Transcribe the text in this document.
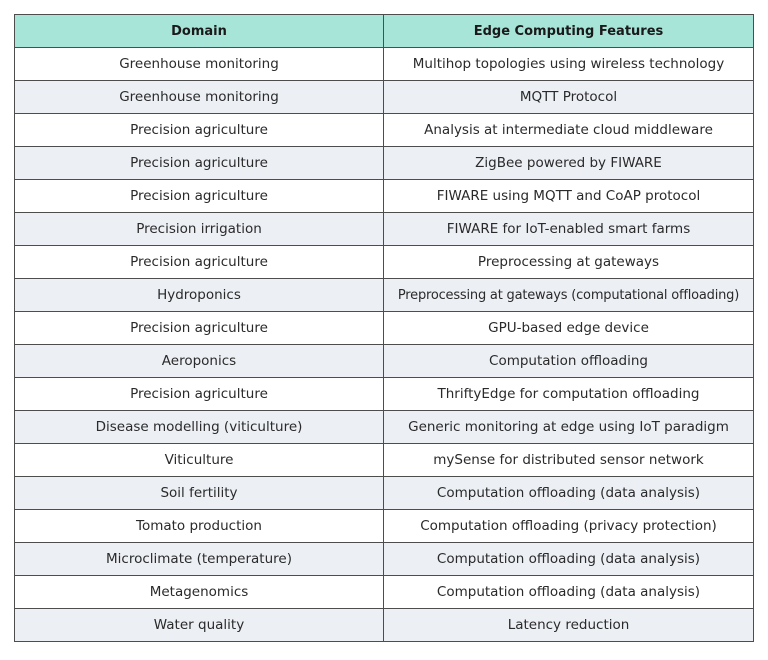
Domain	Edge Computing Features
Greenhouse monitoring	Multihop topologies using wireless technology
Greenhouse monitoring	MQTT Protocol
Precision agriculture	Analysis at intermediate cloud middleware
Precision agriculture	ZigBee powered by FIWARE
Precision agriculture	FIWARE using MQTT and CoAP protocol
Precision irrigation	FIWARE for IoT-enabled smart farms
Precision agriculture	Preprocessing at gateways
Hydroponics	Preprocessing at gateways (computational offloading)
Precision agriculture	GPU-based edge device
Aeroponics	Computation offloading
Precision agriculture	ThriftyEdge for computation offloading
Disease modelling (viticulture)	Generic monitoring at edge using IoT paradigm
Viticulture	mySense for distributed sensor network
Soil fertility	Computation offloading (data analysis)
Tomato production	Computation offloading (privacy protection)
Microclimate (temperature)	Computation offloading (data analysis)
Metagenomics	Computation offloading (data analysis)
Water quality	Latency reduction
